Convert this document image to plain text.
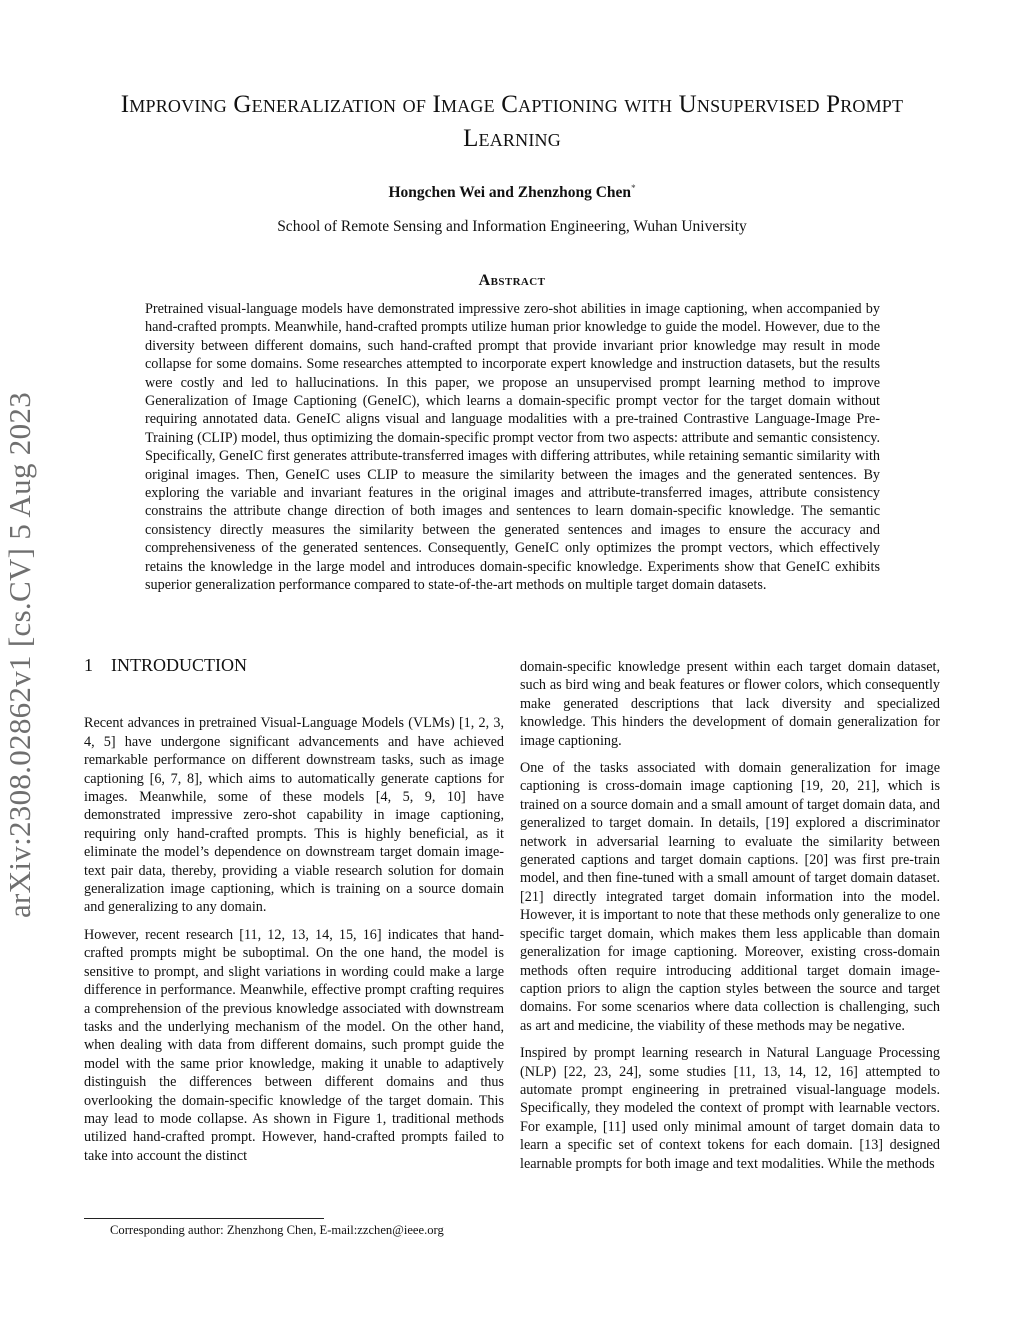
arXiv:2308.02862v1 [cs.CV] 5 Aug 2023
Improving Generalization of Image Captioning with Unsupervised Prompt Learning
Hongchen Wei and Zhenzhong Chen*
School of Remote Sensing and Information Engineering, Wuhan University
Abstract
Pretrained visual-language models have demonstrated impressive zero-shot abilities in image captioning, when accompanied by hand-crafted prompts. Meanwhile, hand-crafted prompts utilize human prior knowledge to guide the model. However, due to the diversity between different domains, such hand-crafted prompt that provide invariant prior knowledge may result in mode collapse for some domains. Some researches attempted to incorporate expert knowledge and instruction datasets, but the results were costly and led to hallucinations. In this paper, we propose an unsupervised prompt learning method to improve Generalization of Image Captioning (GeneIC), which learns a domain-specific prompt vector for the target domain without requiring annotated data. GeneIC aligns visual and language modalities with a pre-trained Contrastive Language-Image Pre-Training (CLIP) model, thus optimizing the domain-specific prompt vector from two aspects: attribute and semantic consistency. Specifically, GeneIC first generates attribute-transferred images with differing attributes, while retaining semantic similarity with original images. Then, GeneIC uses CLIP to measure the similarity between the images and the generated sentences. By exploring the variable and invariant features in the original images and attribute-transferred images, attribute consistency constrains the attribute change direction of both images and sentences to learn domain-specific knowledge. The semantic consistency directly measures the similarity between the generated sentences and images to ensure the accuracy and comprehensiveness of the generated sentences. Consequently, GeneIC only optimizes the prompt vectors, which effectively retains the knowledge in the large model and introduces domain-specific knowledge. Experiments show that GeneIC exhibits superior generalization performance compared to state-of-the-art methods on multiple target domain datasets.
1 INTRODUCTION

Recent advances in pretrained Visual-Language Models (VLMs) [1, 2, 3, 4, 5] have undergone significant advancements and have achieved remarkable performance on different downstream tasks, such as image captioning [6, 7, 8], which aims to automatically generate captions for images. Meanwhile, some of these models [4, 5, 9, 10] have demonstrated impressive zero-shot capability in image captioning, requiring only hand-crafted prompts. This is highly beneficial, as it eliminate the model’s dependence on downstream target domain image-text pair data, thereby, providing a viable research solution for domain generalization image captioning, which is training on a source domain and generalizing to any domain.

However, recent research [11, 12, 13, 14, 15, 16] indicates that hand-crafted prompts might be suboptimal. On the one hand, the model is sensitive to prompt, and slight variations in wording could make a large difference in performance. Meanwhile, effective prompt crafting requires a comprehension of the previous knowledge associated with downstream tasks and the underlying mechanism of the model. On the other hand, when dealing with data from different domains, such prompt guide the model with the same prior knowledge, making it unable to adaptively distinguish the differences between different domains and thus overlooking the domain-specific knowledge of the target domain. This may lead to mode collapse. As shown in Figure 1, traditional methods utilized hand-crafted prompt. However, hand-crafted prompts failed to take into account the distinct

domain-specific knowledge present within each target domain dataset, such as bird wing and beak features or flower colors, which consequently make generated descriptions that lack diversity and specialized knowledge. This hinders the development of domain generalization for image captioning.

One of the tasks associated with domain generalization for image captioning is cross-domain image captioning [19, 20, 21], which is trained on a source domain and a small amount of target domain data, and generalized to target domain. In details, [19] explored a discriminator network in adversarial learning to evaluate the similarity between generated captions and target domain captions. [20] was first pre-train model, and then fine-tuned with a small amount of target domain dataset. [21] directly integrated target domain information into the model. However, it is important to note that these methods only generalize to one specific target domain, which makes them less applicable than domain generalization for image captioning. Moreover, existing cross-domain methods often require introducing additional target domain image-caption priors to align the caption styles between the source and target domains. For some scenarios where data collection is challenging, such as art and medicine, the viability of these methods may be negative.

Inspired by prompt learning research in Natural Language Processing (NLP) [22, 23, 24], some studies [11, 13, 14, 12, 16] attempted to automate prompt engineering in pretrained visual-language models. Specifically, they modeled the context of prompt with learnable vectors. For example, [11] used only minimal amount of target domain data to learn a specific set of context tokens for each domain. [13] designed learnable prompts for both image and text modalities. While the methods

Corresponding author: Zhenzhong Chen, E-mail:zzchen@ieee.org
